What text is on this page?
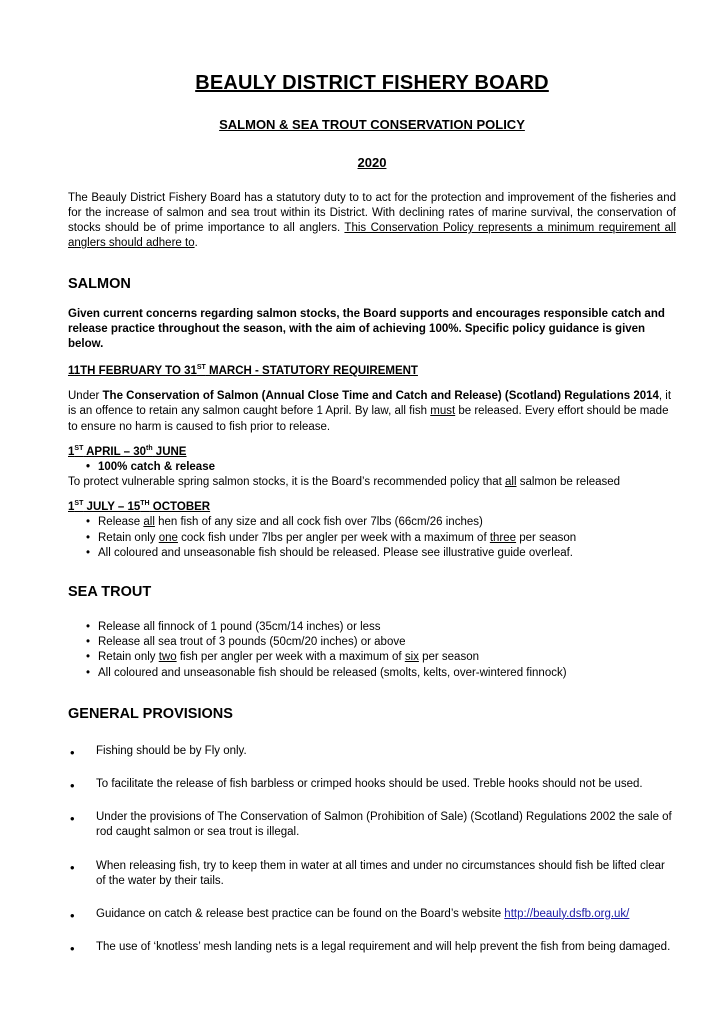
BEAULY DISTRICT FISHERY BOARD
SALMON & SEA TROUT CONSERVATION POLICY
2020

The Beauly District Fishery Board has a statutory duty to to act for the protection and improvement of the fisheries and for the increase of salmon and sea trout within its District. With declining rates of marine survival, the conservation of stocks should be of prime importance to all anglers. This Conservation Policy represents a minimum requirement all anglers should adhere to.

SALMON

Given current concerns regarding salmon stocks, the Board supports and encourages responsible catch and release practice throughout the season, with the aim of achieving 100%. Specific policy guidance is given below.

11TH FEBRUARY TO 31ST MARCH - STATUTORY REQUIREMENT

Under The Conservation of Salmon (Annual Close Time and Catch and Release) (Scotland) Regulations 2014, it is an offence to retain any salmon caught before 1 April. By law, all fish must be released. Every effort should be made to ensure no harm is caused to fish prior to release.

1ST APRIL – 30th JUNE
• 100% catch & release
To protect vulnerable spring salmon stocks, it is the Board’s recommended policy that all salmon be released
1ST JULY – 15TH OCTOBER
• Release all hen fish of any size and all cock fish over 7lbs (66cm/26 inches)
• Retain only one cock fish under 7lbs per angler per week with a maximum of three per season
• All coloured and unseasonable fish should be released. Please see illustrative guide overleaf.
SEA TROUT
• Release all finnock of 1 pound (35cm/14 inches) or less
• Release all sea trout of 3 pounds (50cm/20 inches) or above
• Retain only two fish per angler per week with a maximum of six per season
• All coloured and unseasonable fish should be released (smolts, kelts, over-wintered finnock)
GENERAL PROVISIONS
• Fishing should be by Fly only.
• To facilitate the release of fish barbless or crimped hooks should be used. Treble hooks should not be used.
• Under the provisions of The Conservation of Salmon (Prohibition of Sale) (Scotland) Regulations 2002 the sale of rod caught salmon or sea trout is illegal.
• When releasing fish, try to keep them in water at all times and under no circumstances should fish be lifted clear of the water by their tails.
• Guidance on catch & release best practice can be found on the Board’s website http://beauly.dsfb.org.uk/
• The use of ‘knotless’ mesh landing nets is a legal requirement and will help prevent the fish from being damaged.
